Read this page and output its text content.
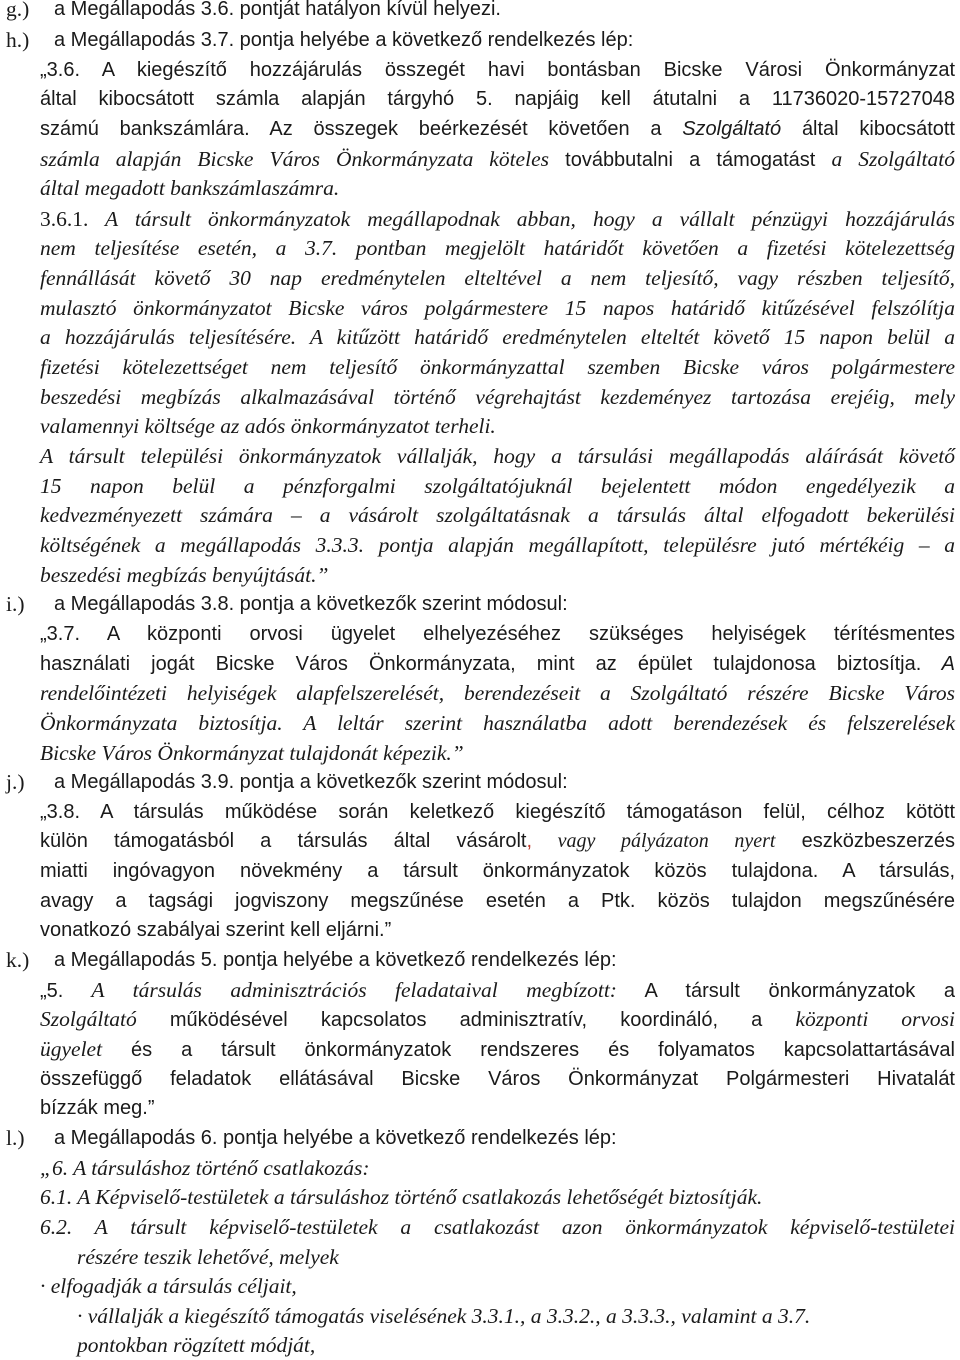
g.) a Megállapodás 3.6. pontját hatályon kívül helyezi.
h.) a Megállapodás 3.7. pontja helyébe a következő rendelkezés lép:
„3.6. A kiegészítő hozzájárulás összegét havi bontásban Bicske Városi Önkormányzat
által kibocsátott számla alapján tárgyhó 5. napjáig kell átutalni a 11736020-15727048
számú bankszámlára. Az összegek beérkezését követően a Szolgáltató által kibocsátott
számla alapján Bicske Város Önkormányzata köteles továbbutalni a támogatást a Szolgáltató
által megadott bankszámlaszámra.
3.6.1. A társult önkormányzatok megállapodnak abban, hogy a vállalt pénzügyi hozzájárulás
nem teljesítése esetén, a 3.7. pontban megjelölt határidőt követően a fizetési kötelezettség
fennállását követő 30 nap eredménytelen elteltével a nem teljesítő, vagy részben teljesítő,
mulasztó önkormányzatot Bicske város polgármestere 15 napos határidő kitűzésével felszólítja
a hozzájárulás teljesítésére. A kitűzött határidő eredménytelen elteltét követő 15 napon belül a
fizetési kötelezettséget nem teljesítő önkormányzattal szemben Bicske város polgármestere
beszedési megbízás alkalmazásával történő végrehajtást kezdeményez tartozása erejéig, mely
valamennyi költsége az adós önkormányzatot terheli.
A társult települési önkormányzatok vállalják, hogy a társulási megállapodás aláírását követő
15 napon belül a pénzforgalmi szolgáltatójuknál bejelentett módon engedélyezik a
kedvezményezett számára – a vásárolt szolgáltatásnak a társulás által elfogadott bekerülési
költségének a megállapodás 3.3.3. pontja alapján megállapított, településre jutó mértékéig – a
beszedési megbízás benyújtását.”
i.) a Megállapodás 3.8. pontja a következők szerint módosul:
„3.7. A központi orvosi ügyelet elhelyezéséhez szükséges helyiségek térítésmentes
használati jogát Bicske Város Önkormányzata, mint az épület tulajdonosa biztosítja. A
rendelőintézeti helyiségek alapfelszerelését, berendezéseit a Szolgáltató részére Bicske Város
Önkormányzata biztosítja. A leltár szerint használatba adott berendezések és felszerelések
Bicske Város Önkormányzat tulajdonát képezik.”
j.) a Megállapodás 3.9. pontja a következők szerint módosul:
„3.8. A társulás működése során keletkező kiegészítő támogatáson felül, célhoz kötött
külön támogatásból a társulás által vásárolt, vagy pályázaton nyert eszközbeszerzés
miatti ingóvagyon növekmény a társult önkormányzatok közös tulajdona. A társulás,
avagy a tagsági jogviszony megszűnése esetén a Ptk. közös tulajdon megszűnésére
vonatkozó szabályai szerint kell eljárni.”
k.) a Megállapodás 5. pontja helyébe a következő rendelkezés lép:
„5. A társulás adminisztrációs feladataival megbízott: A társult önkormányzatok a
Szolgáltató működésével kapcsolatos adminisztratív, koordináló, a központi orvosi
ügyelet és a társult önkormányzatok rendszeres és folyamatos kapcsolattartásával
összefüggő feladatok ellátásával Bicske Város Önkormányzat Polgármesteri Hivatalát
bízzák meg.”
l.) a Megállapodás 6. pontja helyébe a következő rendelkezés lép:
„6. A társuláshoz történő csatlakozás:
6.1. A Képviselő-testületek a társuláshoz történő csatlakozás lehetőségét biztosítják.
6.2. A társult képviselő-testületek a csatlakozást azon önkormányzatok képviselő-testületei
részére teszik lehetővé, melyek
· elfogadják a társulás céljait,
· vállalják a kiegészítő támogatás viselésének 3.3.1., a 3.3.2., a 3.3.3., valamint a 3.7.
pontokban rögzített módját,
